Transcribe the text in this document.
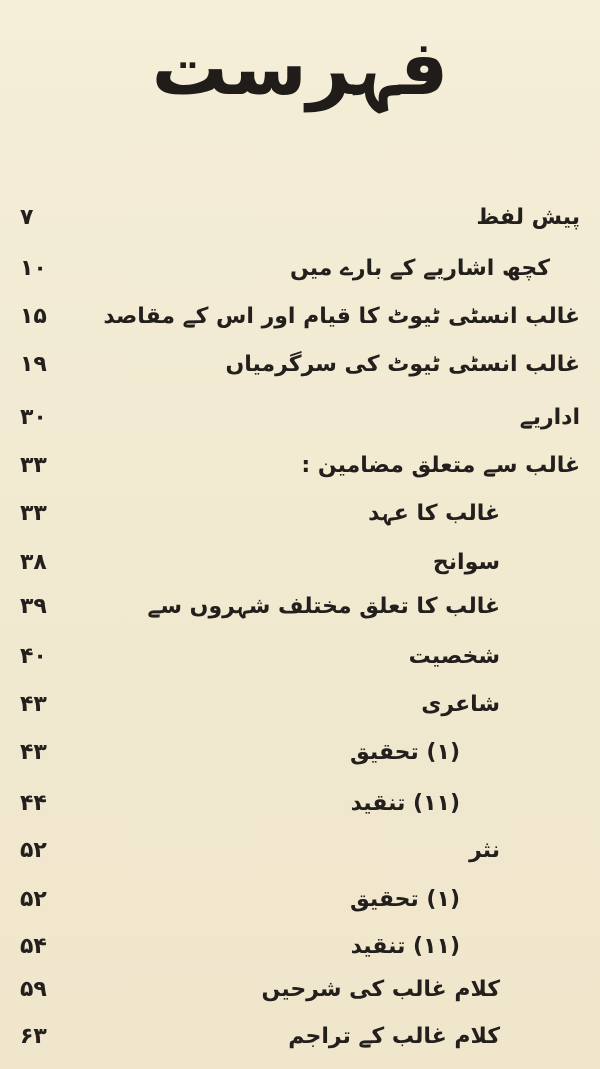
فہرست
پیش لفظ
۷
کچھ اشاریے کے بارے میں
۱۰
غالب انسٹی ٹیوٹ کا قیام اور اس کے مقاصد
۱۵
غالب انسٹی ٹیوٹ کی سرگرمیاں
۱۹
اداریے
۳۰
غالب سے متعلق مضامین :
۳۳
غالب کا عہد
۳۳
سوانح
۳۸
غالب کا تعلق مختلف شہروں سے
۳۹
شخصیت
۴۰
شاعری
۴۳
(۱) تحقیق
۴۳
(۱۱) تنقید
۴۴
نثر
۵۲
(۱) تحقیق
۵۲
(۱۱) تنقید
۵۴
کلام غالب کی شرحیں
۵۹
کلام غالب کے تراجم
۶۳
